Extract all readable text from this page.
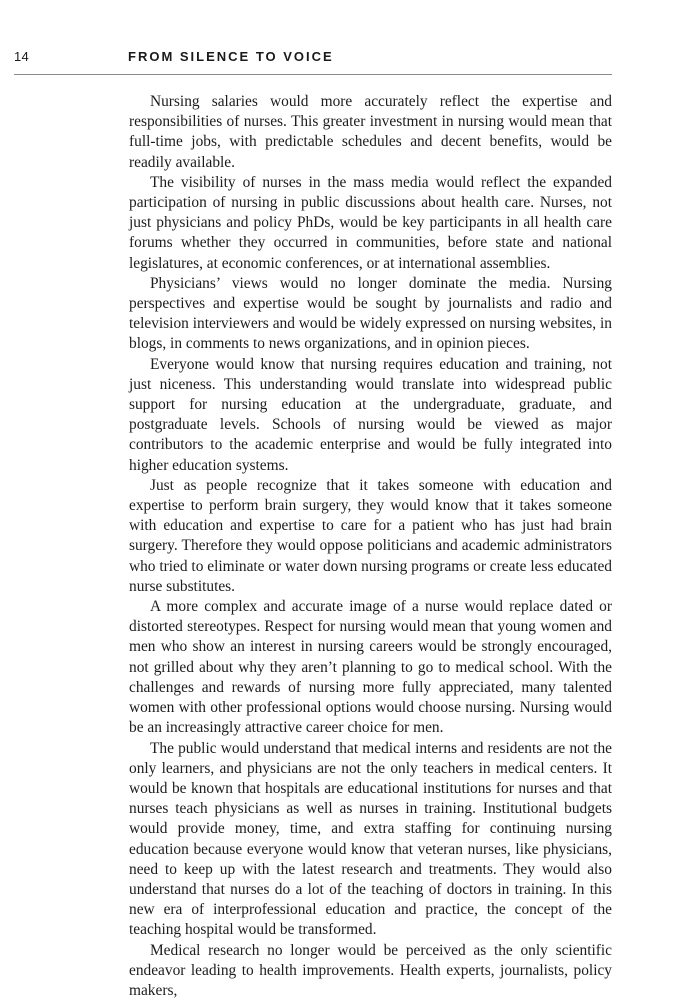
14	FROM SILENCE TO VOICE

Nursing salaries would more accurately reflect the expertise and responsibilities of nurses. This greater investment in nursing would mean that full-time jobs, with predictable schedules and decent benefits, would be readily available.

The visibility of nurses in the mass media would reflect the expanded participation of nursing in public discussions about health care. Nurses, not just physicians and policy PhDs, would be key participants in all health care forums whether they occurred in communities, before state and national legislatures, at economic conferences, or at international assemblies.

Physicians’ views would no longer dominate the media. Nursing perspectives and expertise would be sought by journalists and radio and television interviewers and would be widely expressed on nursing websites, in blogs, in comments to news organizations, and in opinion pieces.

Everyone would know that nursing requires education and training, not just niceness. This understanding would translate into widespread public support for nursing education at the undergraduate, graduate, and postgraduate levels. Schools of nursing would be viewed as major contributors to the academic enterprise and would be fully integrated into higher education systems.

Just as people recognize that it takes someone with education and expertise to perform brain surgery, they would know that it takes someone with education and expertise to care for a patient who has just had brain surgery. Therefore they would oppose politicians and academic administrators who tried to eliminate or water down nursing programs or create less educated nurse substitutes.

A more complex and accurate image of a nurse would replace dated or distorted stereotypes. Respect for nursing would mean that young women and men who show an interest in nursing careers would be strongly encouraged, not grilled about why they aren’t planning to go to medical school. With the challenges and rewards of nursing more fully appreciated, many talented women with other professional options would choose nursing. Nursing would be an increasingly attractive career choice for men.

The public would understand that medical interns and residents are not the only learners, and physicians are not the only teachers in medical centers. It would be known that hospitals are educational institutions for nurses and that nurses teach physicians as well as nurses in training. Institutional budgets would provide money, time, and extra staffing for continuing nursing education because everyone would know that veteran nurses, like physicians, need to keep up with the latest research and treatments. They would also understand that nurses do a lot of the teaching of doctors in training. In this new era of interprofessional education and practice, the concept of the teaching hospital would be transformed.

Medical research no longer would be perceived as the only scientific endeavor leading to health improvements. Health experts, journalists, policy makers,
